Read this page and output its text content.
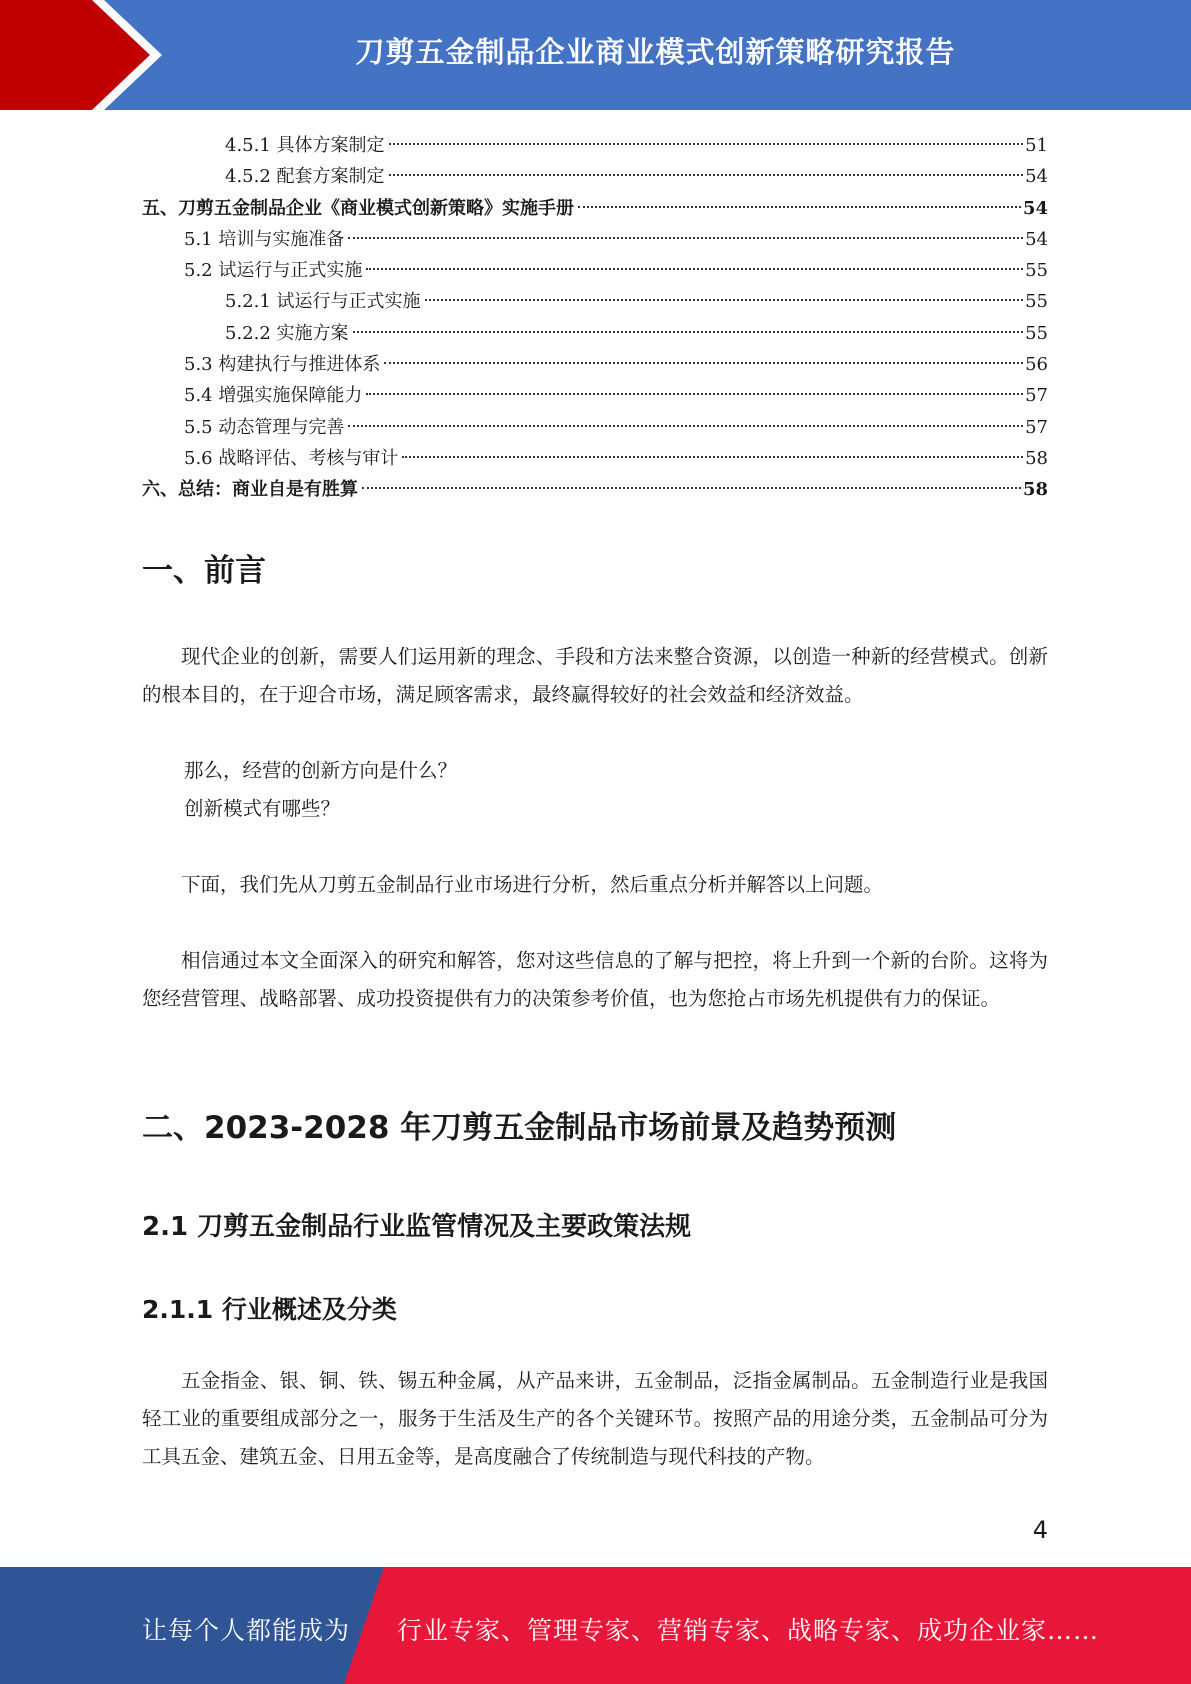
刀剪五金制品企业商业模式创新策略研究报告
4.5.1 具体方案制定	51
4.5.2 配套方案制定	54
五、刀剪五金制品企业《商业模式创新策略》实施手册	54
5.1 培训与实施准备	54
5.2 试运行与正式实施	55
5.2.1 试运行与正式实施	55
5.2.2 实施方案	55
5.3 构建执行与推进体系	56
5.4 增强实施保障能力	57
5.5 动态管理与完善	57
5.6 战略评估、考核与审计	58
六、总结：商业自是有胜算	58
一、前言

现代企业的创新，需要人们运用新的理念、手段和方法来整合资源，以创造一种新的经营模式。创新的根本目的，在于迎合市场，满足顾客需求，最终赢得较好的社会效益和经济效益。

那么，经营的创新方向是什么？

创新模式有哪些？

下面，我们先从刀剪五金制品行业市场进行分析，然后重点分析并解答以上问题。

相信通过本文全面深入的研究和解答，您对这些信息的了解与把控，将上升到一个新的台阶。这将为您经营管理、战略部署、成功投资提供有力的决策参考价值，也为您抢占市场先机提供有力的保证。

二、2023-2028 年刀剪五金制品市场前景及趋势预测
2.1 刀剪五金制品行业监管情况及主要政策法规
2.1.1 行业概述及分类

五金指金、银、铜、铁、锡五种金属，从产品来讲，五金制品，泛指金属制品。五金制造行业是我国轻工业的重要组成部分之一，服务于生活及生产的各个关键环节。按照产品的用途分类，五金制品可分为工具五金、建筑五金、日用五金等，是高度融合了传统制造与现代科技的产物。

4
让每个人都能成为 行业专家、管理专家、营销专家、战略专家、成功企业家……
